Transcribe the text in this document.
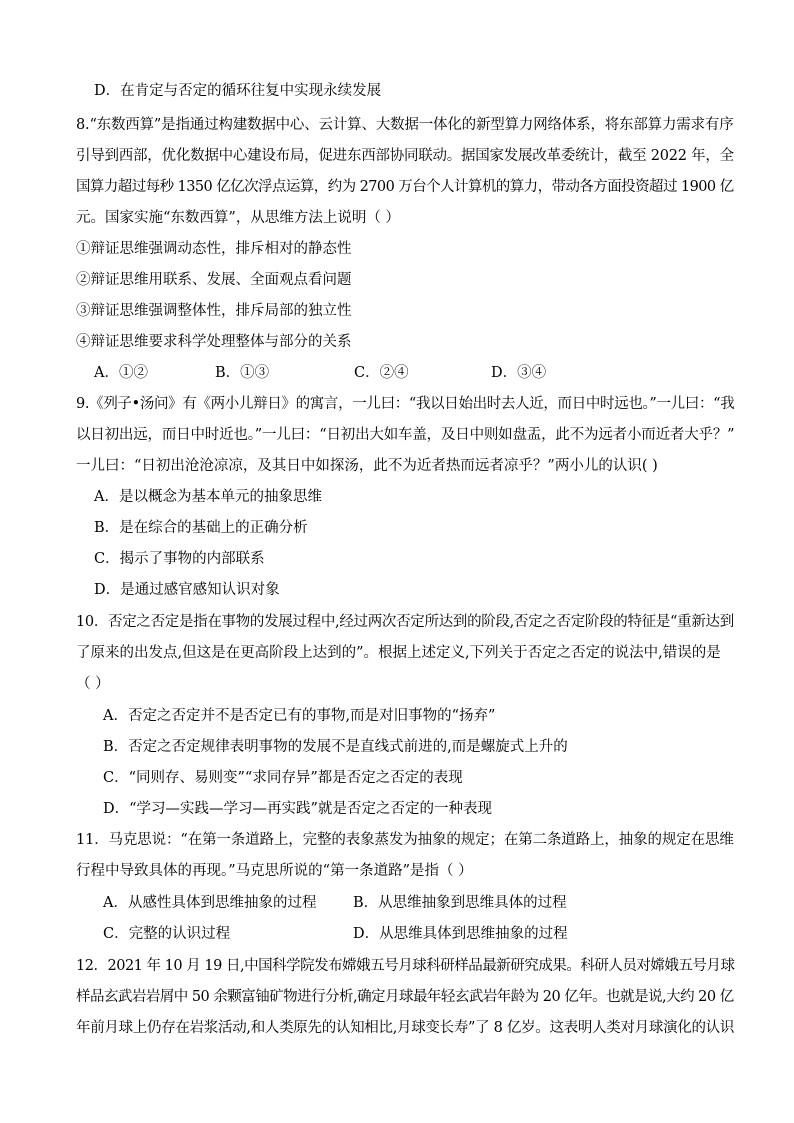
D．在肯定与否定的循环往复中实现永续发展
8.“东数西算”是指通过构建数据中心、云计算、大数据一体化的新型算力网络体系，将东部算力需求有序
引导到西部，优化数据中心建设布局，促进东西部协同联动。据国家发展改革委统计，截至 2022 年，全
国算力超过每秒 1350 亿亿次浮点运算，约为 2700 万台个人计算机的算力，带动各方面投资超过 1900 亿
元。国家实施“东数西算”，从思维方法上说明（ ）
①辩证思维强调动态性，排斥相对的静态性
②辩证思维用联系、发展、全面观点看问题
③辩证思维强调整体性，排斥局部的独立性
④辩证思维要求科学处理整体与部分的关系
A．①②	B．①③	C．②④	D．③④
9.《列子•汤问》有《两小儿辩日》的寓言，一儿曰：“我以日始出时去人近，而日中时远也。”一儿曰：“我
以日初出远，而日中时近也。”一儿曰：“日初出大如车盖，及日中则如盘盂，此不为远者小而近者大乎？”
一儿曰：“日初出沧沧凉凉，及其日中如探汤，此不为近者热而远者凉乎？”两小儿的认识( )
A．是以概念为基本单元的抽象思维
B．是在综合的基础上的正确分析
C．揭示了事物的内部联系
D．是通过感官感知认识对象
10．否定之否定是指在事物的发展过程中,经过两次否定所达到的阶段,否定之否定阶段的特征是“重新达到
了原来的出发点,但这是在更高阶段上达到的”。根据上述定义,下列关于否定之否定的说法中,错误的是
（ ）
A．否定之否定并不是否定已有的事物,而是对旧事物的“扬弃”
B．否定之否定规律表明事物的发展不是直线式前进的,而是螺旋式上升的
C．“同则存、易则变”“求同存异”都是否定之否定的表现
D．“学习—实践—学习—再实践”就是否定之否定的一种表现
11．马克思说：“在第一条道路上，完整的表象蒸发为抽象的规定；在第二条道路上，抽象的规定在思维
行程中导致具体的再现。”马克思所说的“第一条道路”是指（ ）
A．从感性具体到思维抽象的过程	B．从思维抽象到思维具体的过程
C．完整的认识过程	D．从思维具体到思维抽象的过程
12．2021 年 10 月 19 日,中国科学院发布嫦娥五号月球科研样品最新研究成果。科研人员对嫦娥五号月球
样品玄武岩岩屑中 50 余颗富铀矿物进行分析,确定月球最年轻玄武岩年龄为 20 亿年。也就是说,大约 20 亿
年前月球上仍存在岩浆活动,和人类原先的认知相比,月球变长寿”了 8 亿岁。这表明人类对月球演化的认识
